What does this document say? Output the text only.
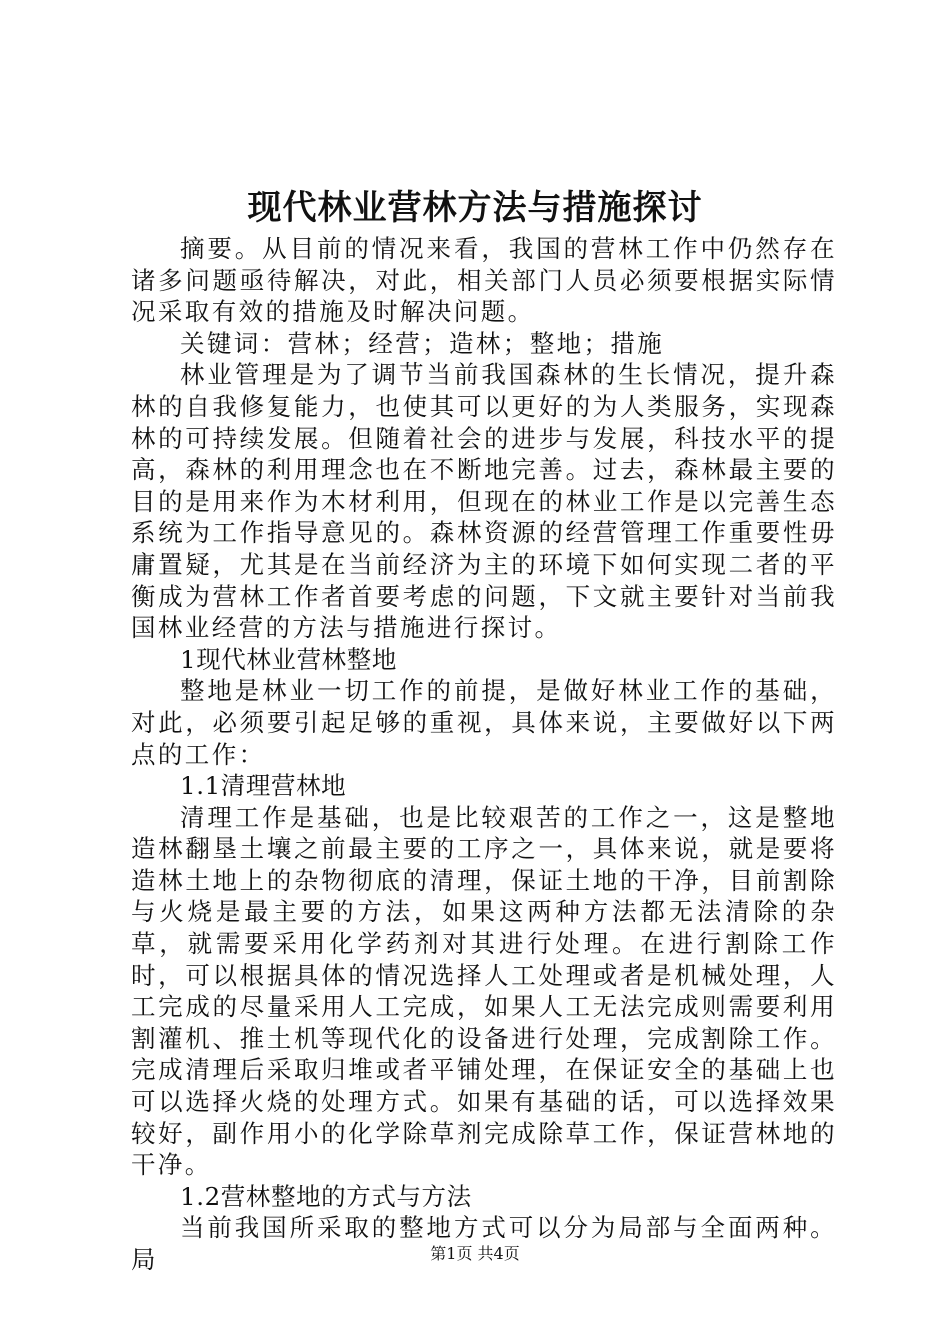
现代林业营林方法与措施探讨

摘要。从目前的情况来看，我国的营林工作中仍然存在诸多问题亟待解决，对此，相关部门人员必须要根据实际情况采取有效的措施及时解决问题。

关键词：营林；经营；造林；整地；措施

林业管理是为了调节当前我国森林的生长情况，提升森林的自我修复能力，也使其可以更好的为人类服务，实现森林的可持续发展。但随着社会的进步与发展，科技水平的提高，森林的利用理念也在不断地完善。过去，森林最主要的目的是用来作为木材利用，但现在的林业工作是以完善生态系统为工作指导意见的。森林资源的经营管理工作重要性毋庸置疑，尤其是在当前经济为主的环境下如何实现二者的平衡成为营林工作者首要考虑的问题，下文就主要针对当前我国林业经营的方法与措施进行探讨。

1现代林业营林整地

整地是林业一切工作的前提，是做好林业工作的基础，对此，必须要引起足够的重视，具体来说，主要做好以下两点的工作：

1.1清理营林地

清理工作是基础，也是比较艰苦的工作之一，这是整地造林翻垦土壤之前最主要的工序之一，具体来说，就是要将造林土地上的杂物彻底的清理，保证土地的干净，目前割除与火烧是最主要的方法，如果这两种方法都无法清除的杂草，就需要采用化学药剂对其进行处理。在进行割除工作时，可以根据具体的情况选择人工处理或者是机械处理，人工完成的尽量采用人工完成，如果人工无法完成则需要利用割灌机、推土机等现代化的设备进行处理，完成割除工作。完成清理后采取归堆或者平铺处理，在保证安全的基础上也可以选择火烧的处理方式。如果有基础的话，可以选择效果较好，副作用小的化学除草剂完成除草工作，保证营林地的干净。

1.2营林整地的方式与方法

当前我国所采取的整地方式可以分为局部与全面两种。局	第1页 共4页
